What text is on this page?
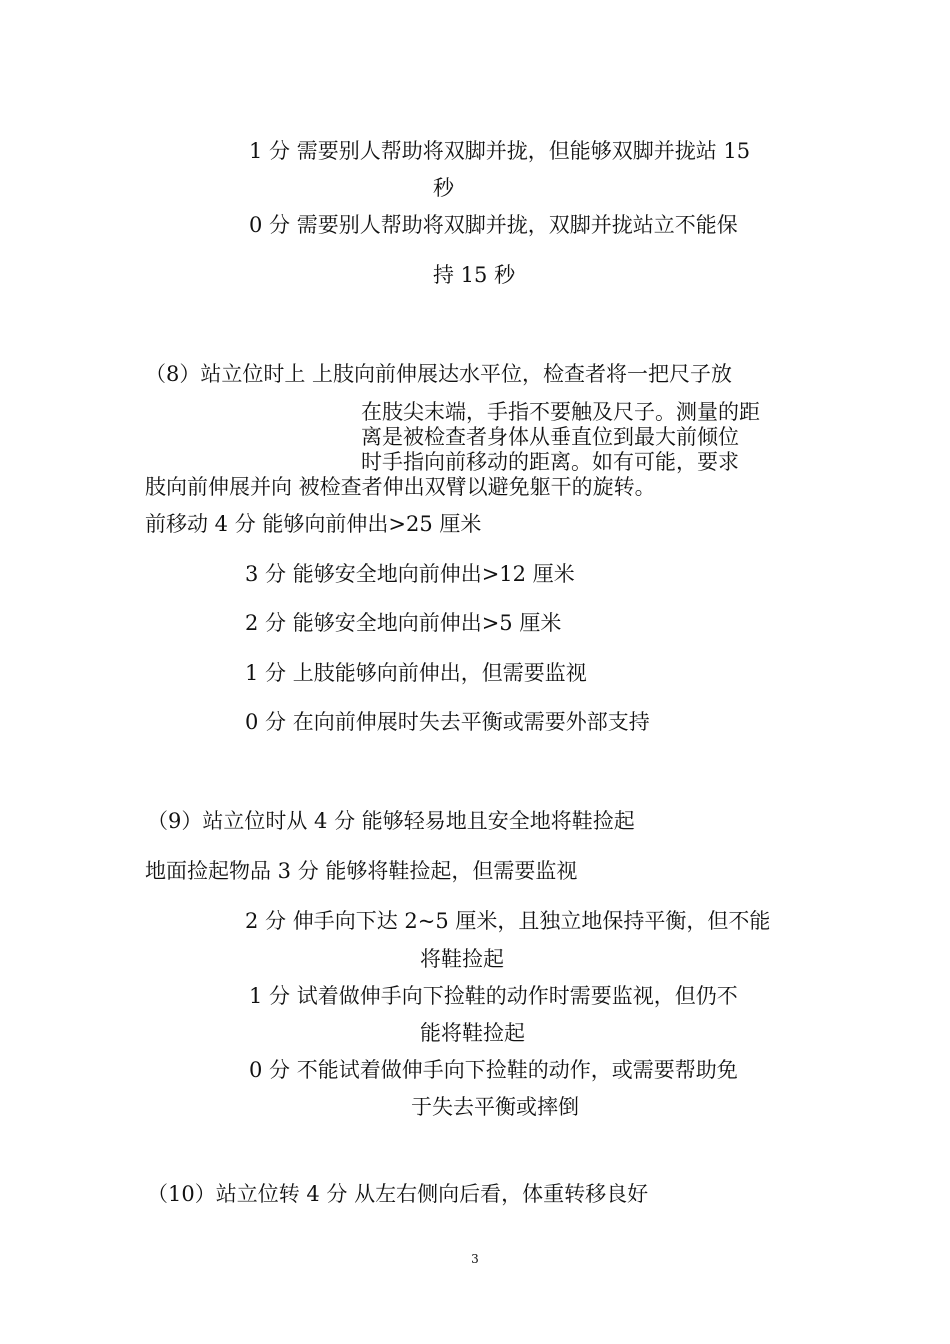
1 分 需要别人帮助将双脚并拢，但能够双脚并拢站 15
秒
0 分 需要别人帮助将双脚并拢，双脚并拢站立不能保
持 15 秒
（8）站立位时上 上肢向前伸展达水平位，检查者将一把尺子放
在肢尖末端，手指不要触及尺子。测量的距
离是被检查者身体从垂直位到最大前倾位
时手指向前移动的距离。如有可能，要求
肢向前伸展并向 被检查者伸出双臂以避免躯干的旋转。
前移动 4 分 能够向前伸出>25 厘米
3 分 能够安全地向前伸出>12 厘米
2 分 能够安全地向前伸出>5 厘米
1 分 上肢能够向前伸出，但需要监视
0 分 在向前伸展时失去平衡或需要外部支持
（9）站立位时从 4 分 能够轻易地且安全地将鞋捡起
地面捡起物品 3 分 能够将鞋捡起，但需要监视
2 分 伸手向下达 2~5 厘米，且独立地保持平衡，但不能
将鞋捡起
1 分 试着做伸手向下捡鞋的动作时需要监视，但仍不
能将鞋捡起
0 分 不能试着做伸手向下捡鞋的动作，或需要帮助免
于失去平衡或摔倒
（10）站立位转 4 分 从左右侧向后看，体重转移良好
3
